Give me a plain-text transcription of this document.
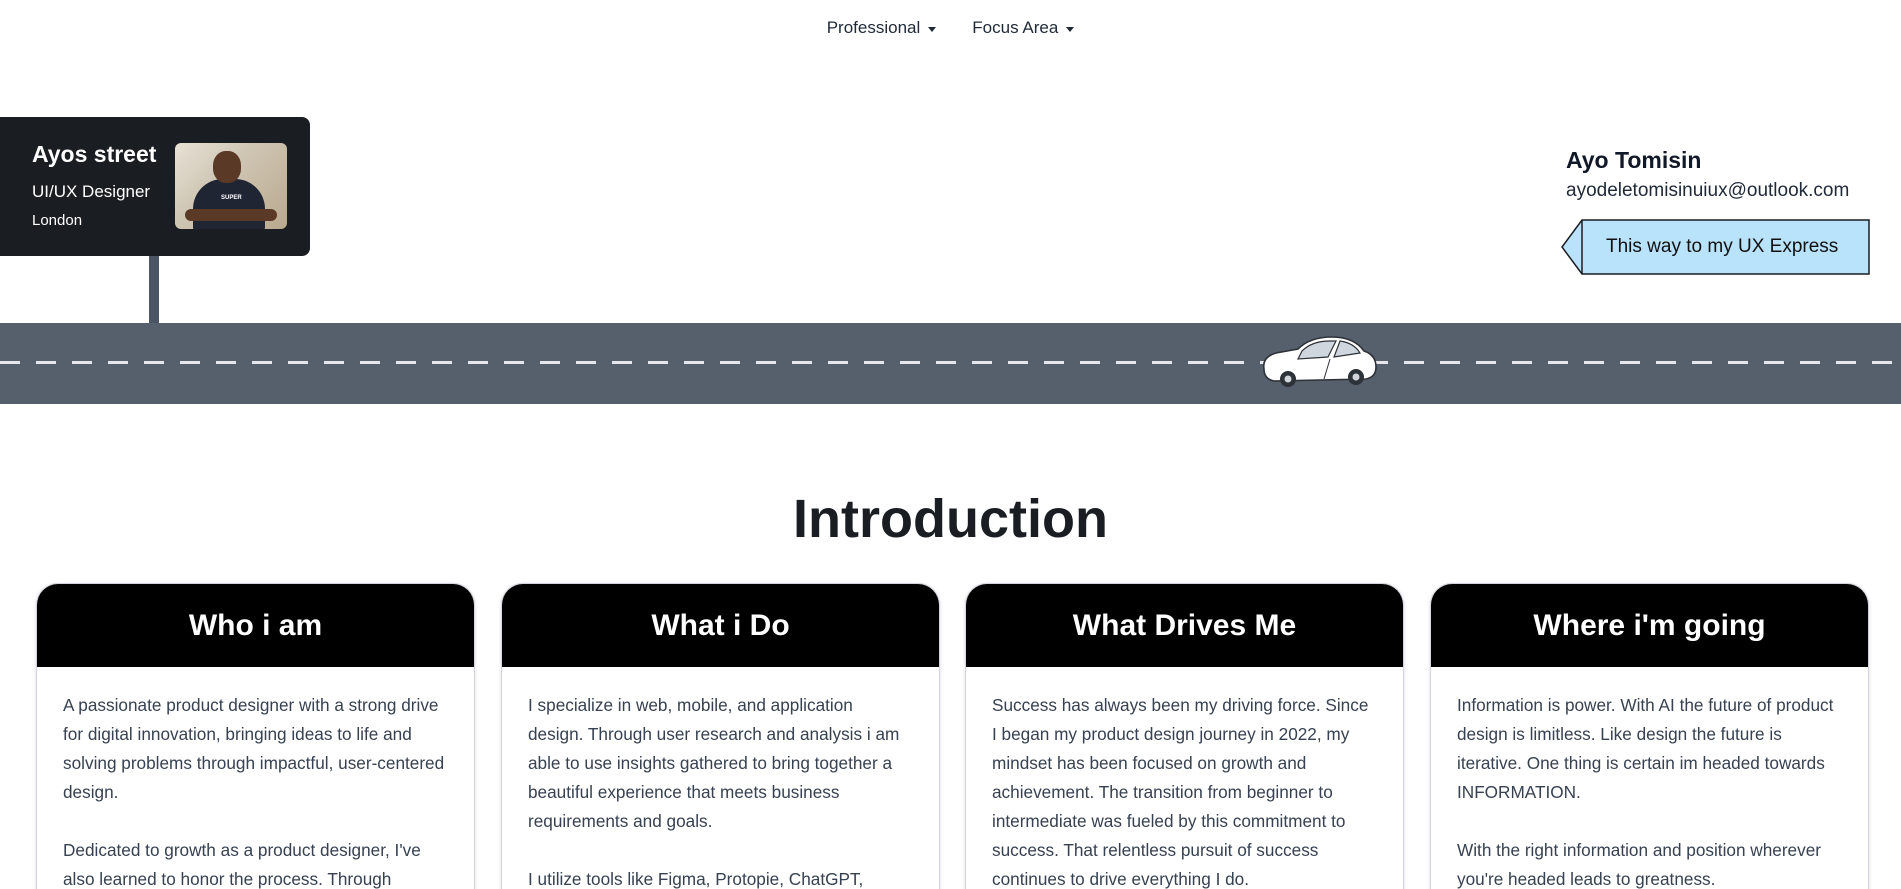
Professional	Focus Area
Ayos street
UI/UX Designer
London
SUPER
Ayo Tomisin
ayodeletomisinuiux@outlook.com
This way to my UX Express
Introduction
Who i am

A passionate product designer with a strong drive for digital innovation, bringing ideas to life and solving problems through impactful, user-centered design.

Dedicated to growth as a product designer, I've also learned to honor the process. Through

What i Do

I specialize in web, mobile, and application design. Through user research and analysis i am able to use insights gathered to bring together a beautiful experience that meets business requirements and goals.

I utilize tools like Figma, Protopie, ChatGPT,

What Drives Me

Success has always been my driving force. Since I began my product design journey in 2022, my mindset has been focused on growth and achievement. The transition from beginner to intermediate was fueled by this commitment to success. That relentless pursuit of success continues to drive everything I do.

Where i'm going

Information is power. With AI the future of product design is limitless. Like design the future is iterative. One thing is certain im headed towards INFORMATION.

With the right information and position wherever you're headed leads to greatness.
